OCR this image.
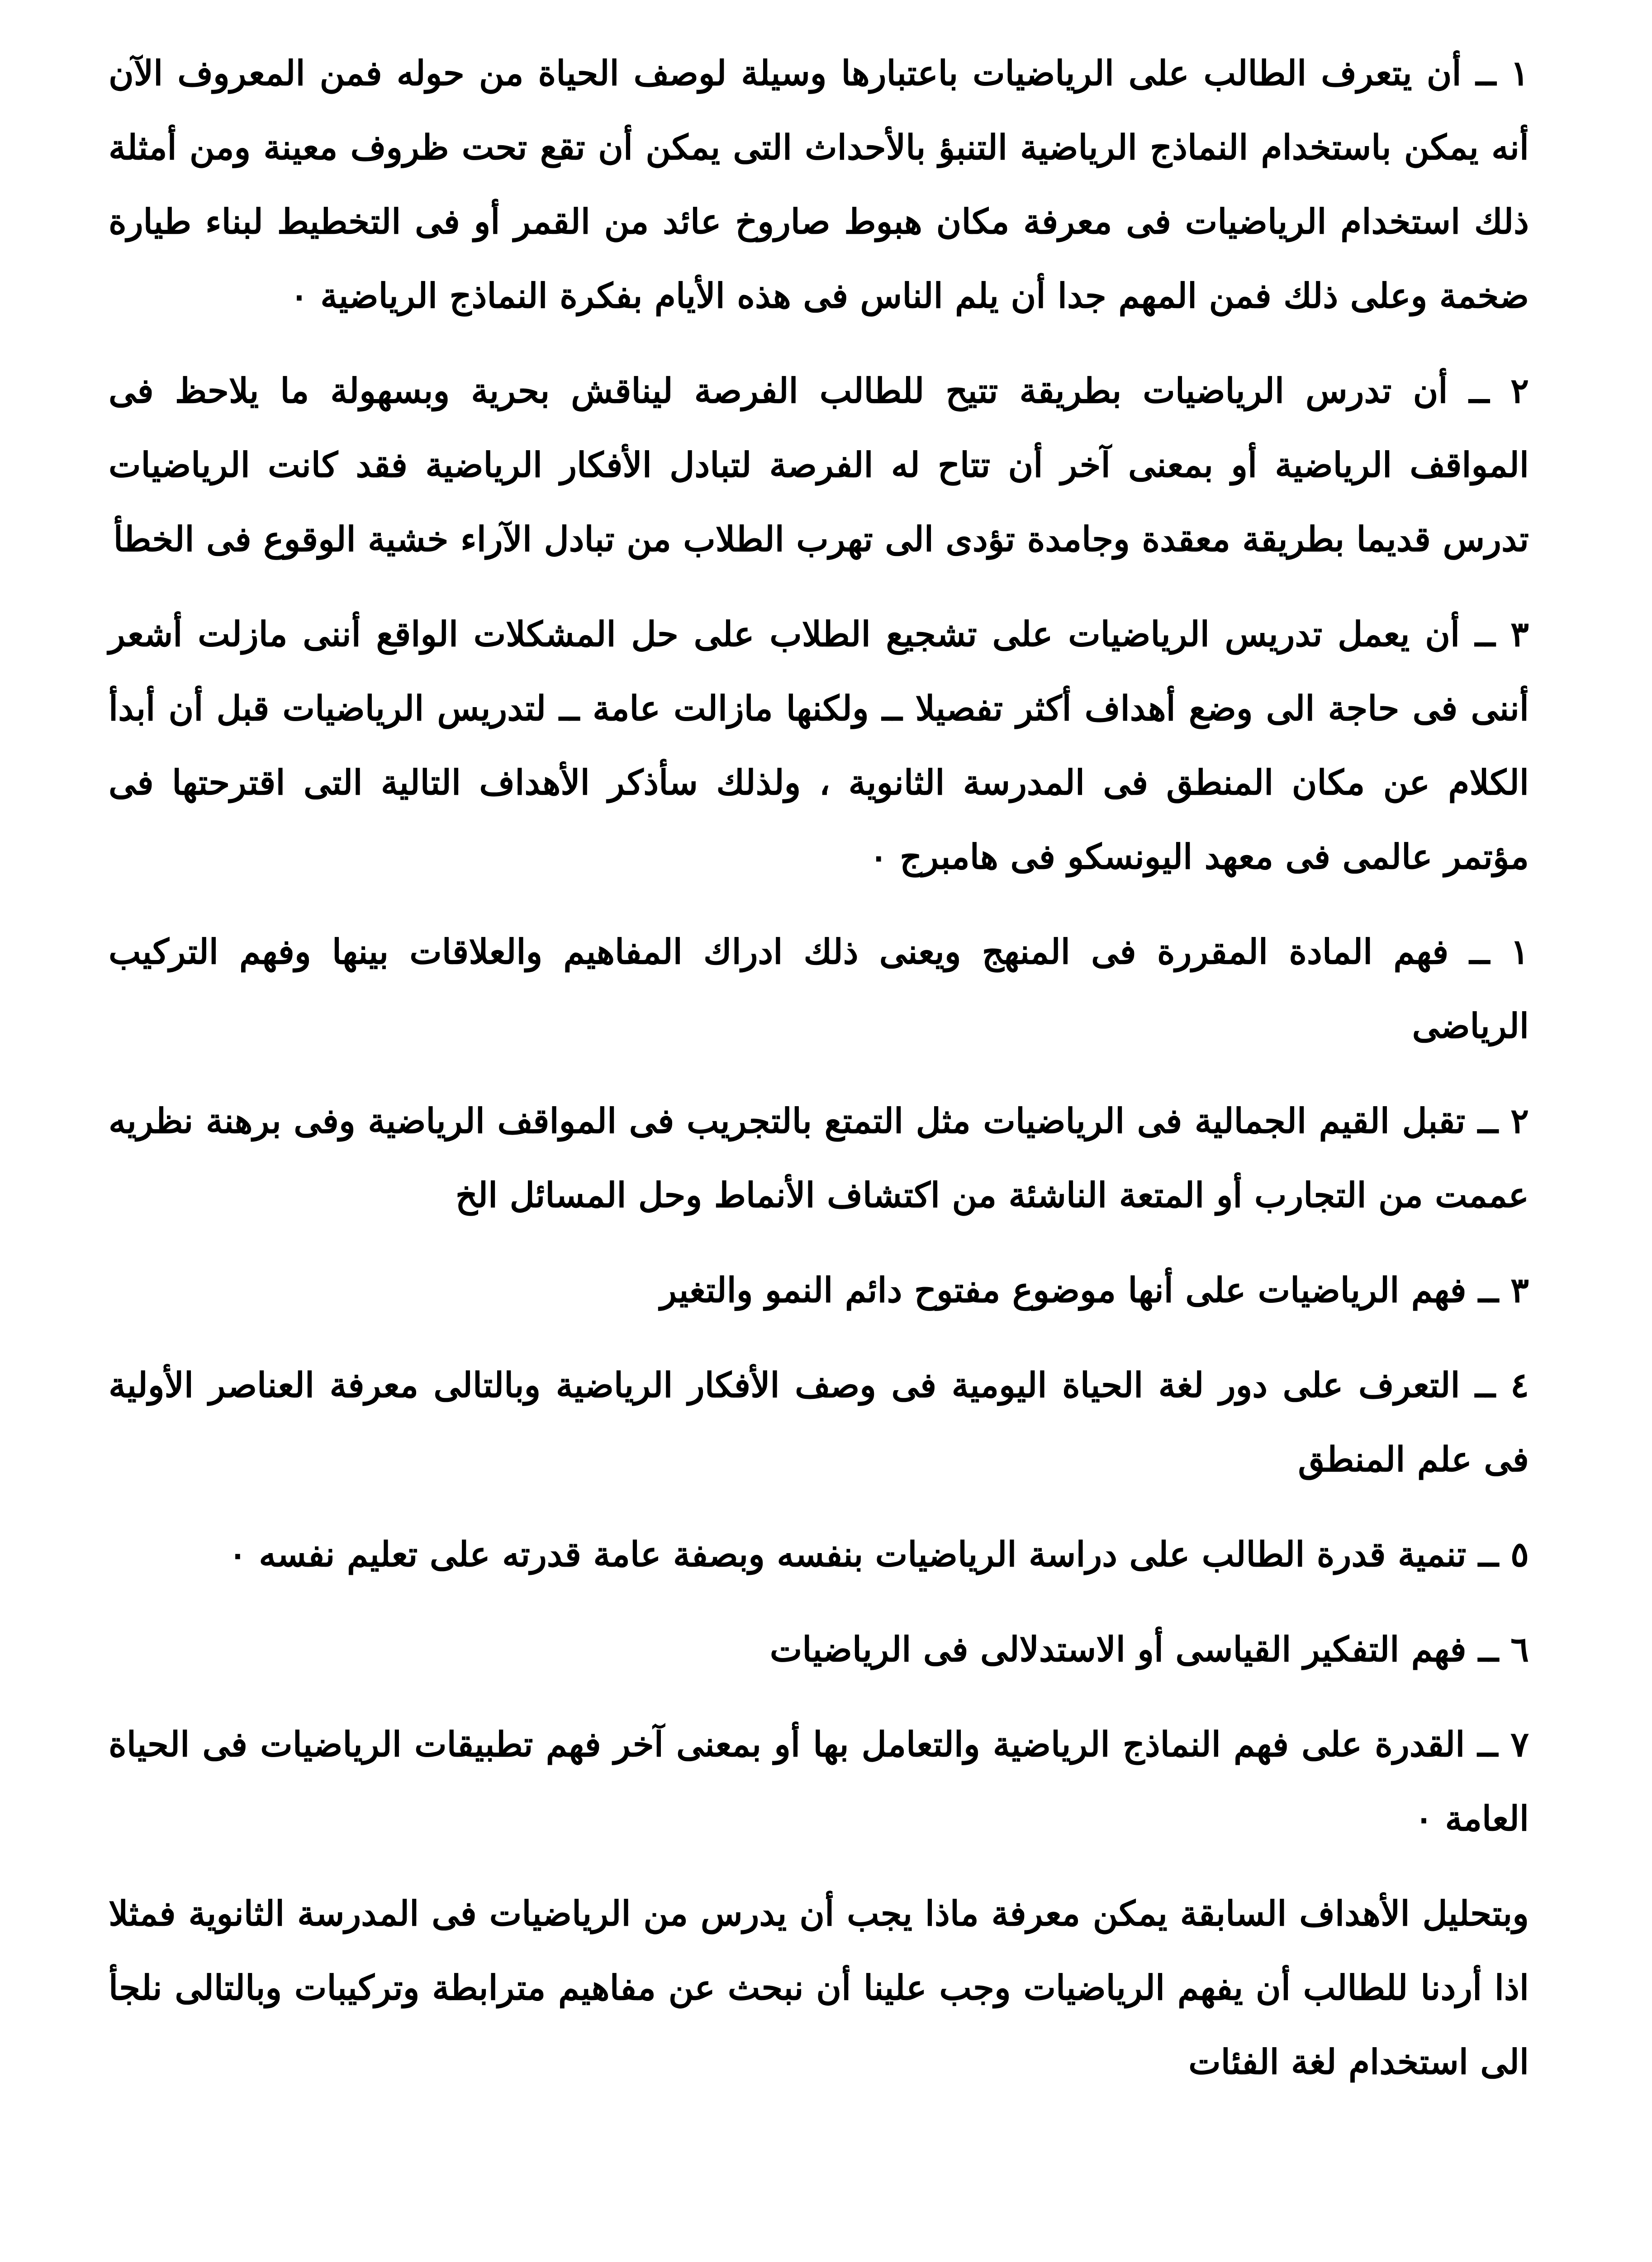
١ ــ أن يتعرف الطالب على الرياضيات باعتبارها وسيلة لوصف الحياة من حوله فمن المعروف الآن أنه يمكن باستخدام النماذج الرياضية التنبؤ بالأحداث التى يمكن أن تقع تحت ظروف معينة ومن أمثلة ذلك استخدام الرياضيات فى معرفة مكان هبوط صاروخ عائد من القمر أو فى التخطيط لبناء طيارة ضخمة وعلى ذلك فمن المهم جدا أن يلم الناس فى هذه الأيام بفكرة النماذج الرياضية ٠

٢ ــ أن تدرس الرياضيات بطريقة تتيح للطالب الفرصة ليناقش بحرية وبسهولة ما يلاحظ فى المواقف الرياضية أو بمعنى آخر أن تتاح له الفرصة لتبادل الأفكار الرياضية فقد كانت الرياضيات تدرس قديما بطريقة معقدة وجامدة تؤدى الى تهرب الطلاب من تبادل الآراء خشية الوقوع فى الخطأ

٣ ــ أن يعمل تدريس الرياضيات على تشجيع الطلاب على حل المشكلات الواقع أننى مازلت أشعر أننى فى حاجة الى وضع أهداف أكثر تفصيلا ــ ولكنها مازالت عامة ــ لتدريس الرياضيات قبل أن أبدأ الكلام عن مكان المنطق فى المدرسة الثانوية ، ولذلك سأذكر الأهداف التالية التى اقترحتها فى مؤتمر عالمى فى معهد اليونسكو فى هامبرج ٠

١ ــ فهم المادة المقررة فى المنهج ويعنى ذلك ادراك المفاهيم والعلاقات بينها وفهم التركيب الرياضى

٢ ــ تقبل القيم الجمالية فى الرياضيات مثل التمتع بالتجريب فى المواقف الرياضية وفى برهنة نظريه عممت من التجارب أو المتعة الناشئة من اكتشاف الأنماط وحل المسائل الخ

٣ ــ فهم الرياضيات على أنها موضوع مفتوح دائم النمو والتغير

٤ ــ التعرف على دور لغة الحياة اليومية فى وصف الأفكار الرياضية وبالتالى معرفة العناصر الأولية فى علم المنطق

٥ ــ تنمية قدرة الطالب على دراسة الرياضيات بنفسه وبصفة عامة قدرته على تعليم نفسه ٠

٦ ــ فهم التفكير القياسى أو الاستدلالى فى الرياضيات

٧ ــ القدرة على فهم النماذج الرياضية والتعامل بها أو بمعنى آخر فهم تطبيقات الرياضيات فى الحياة العامة ٠

وبتحليل الأهداف السابقة يمكن معرفة ماذا يجب أن يدرس من الرياضيات فى المدرسة الثانوية فمثلا اذا أردنا للطالب أن يفهم الرياضيات وجب علينا أن نبحث عن مفاهيم مترابطة وتركيبات وبالتالى نلجأ الى استخدام لغة الفئات
